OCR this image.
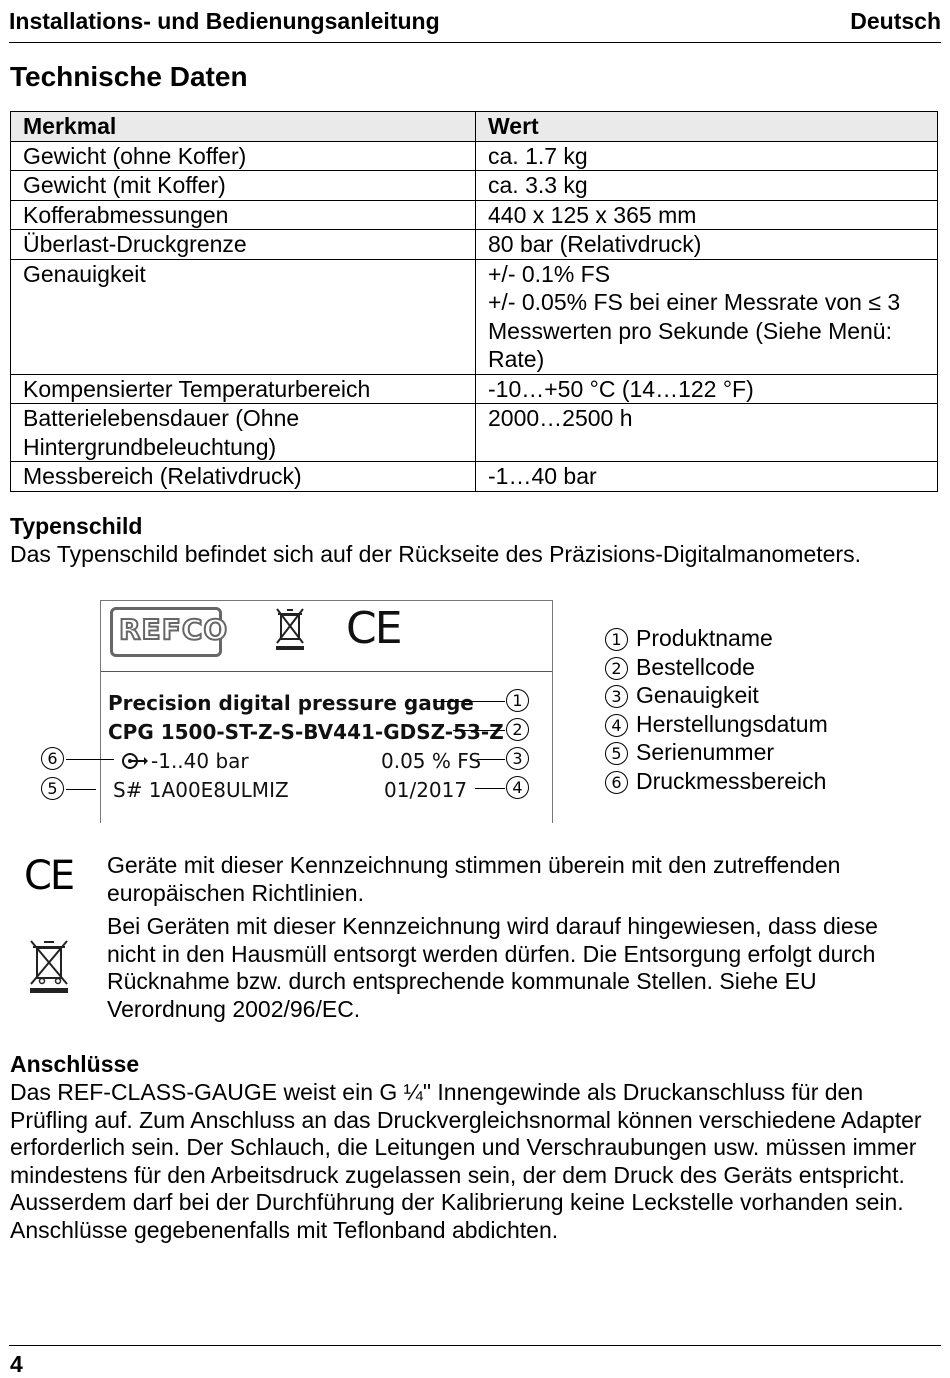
Installations- und Bedienungsanleitung	Deutsch
Technische Daten
Merkmal	Wert
Gewicht (ohne Koffer)	ca. 1.7 kg
Gewicht (mit Koffer)	ca. 3.3 kg
Kofferabmessungen	440 x 125 x 365 mm
Überlast-Druckgrenze	80 bar (Relativdruck)
Genauigkeit	+/- 0.1% FS
+/- 0.05% FS bei einer Messrate von ≤ 3 Messwerten pro Sekunde (Siehe Menü: Rate)

Kompensierter Temperaturbereich	-10…+50 °C (14…122 °F)
Batterielebensdauer (Ohne Hintergrundbeleuchtung)	2000…2500 h
Messbereich (Relativdruck)	-1…40 bar
Typenschild
Das Typenschild befindet sich auf der Rückseite des Präzisions-Digitalmanometers.
REFCO	CE
Precision digital pressure gauge
CPG 1500-ST-Z-S-BV441-GDSZ-53-Z
-1..40 bar	0.05 % FS
S# 1A00E8ULMIZ	01/2017
1
2
3
4
6
5
1 Produktname
2 Bestellcode
3 Genauigkeit
4 Herstellungsdatum
5 Serienummer
6 Druckmessbereich
CE Geräte mit dieser Kennzeichnung stimmen überein mit den zutreffenden europäischen Richtlinien.
Bei Geräten mit dieser Kennzeichnung wird darauf hingewiesen, dass diese nicht in den Hausmüll entsorgt werden dürfen. Die Entsorgung erfolgt durch Rücknahme bzw. durch entsprechende kommunale Stellen. Siehe EU Verordnung 2002/96/EC.
Anschlüsse
Das REF-CLASS-GAUGE weist ein G ¼" Innengewinde als Druckanschluss für den Prüfling auf. Zum Anschluss an das Druckvergleichsnormal können verschiedene Adapter erforderlich sein. Der Schlauch, die Leitungen und Verschraubungen usw. müssen immer mindestens für den Arbeitsdruck zugelassen sein, der dem Druck des Geräts entspricht. Ausserdem darf bei der Durchführung der Kalibrierung keine Leckstelle vorhanden sein. Anschlüsse gegebenenfalls mit Teflonband abdichten.
4
